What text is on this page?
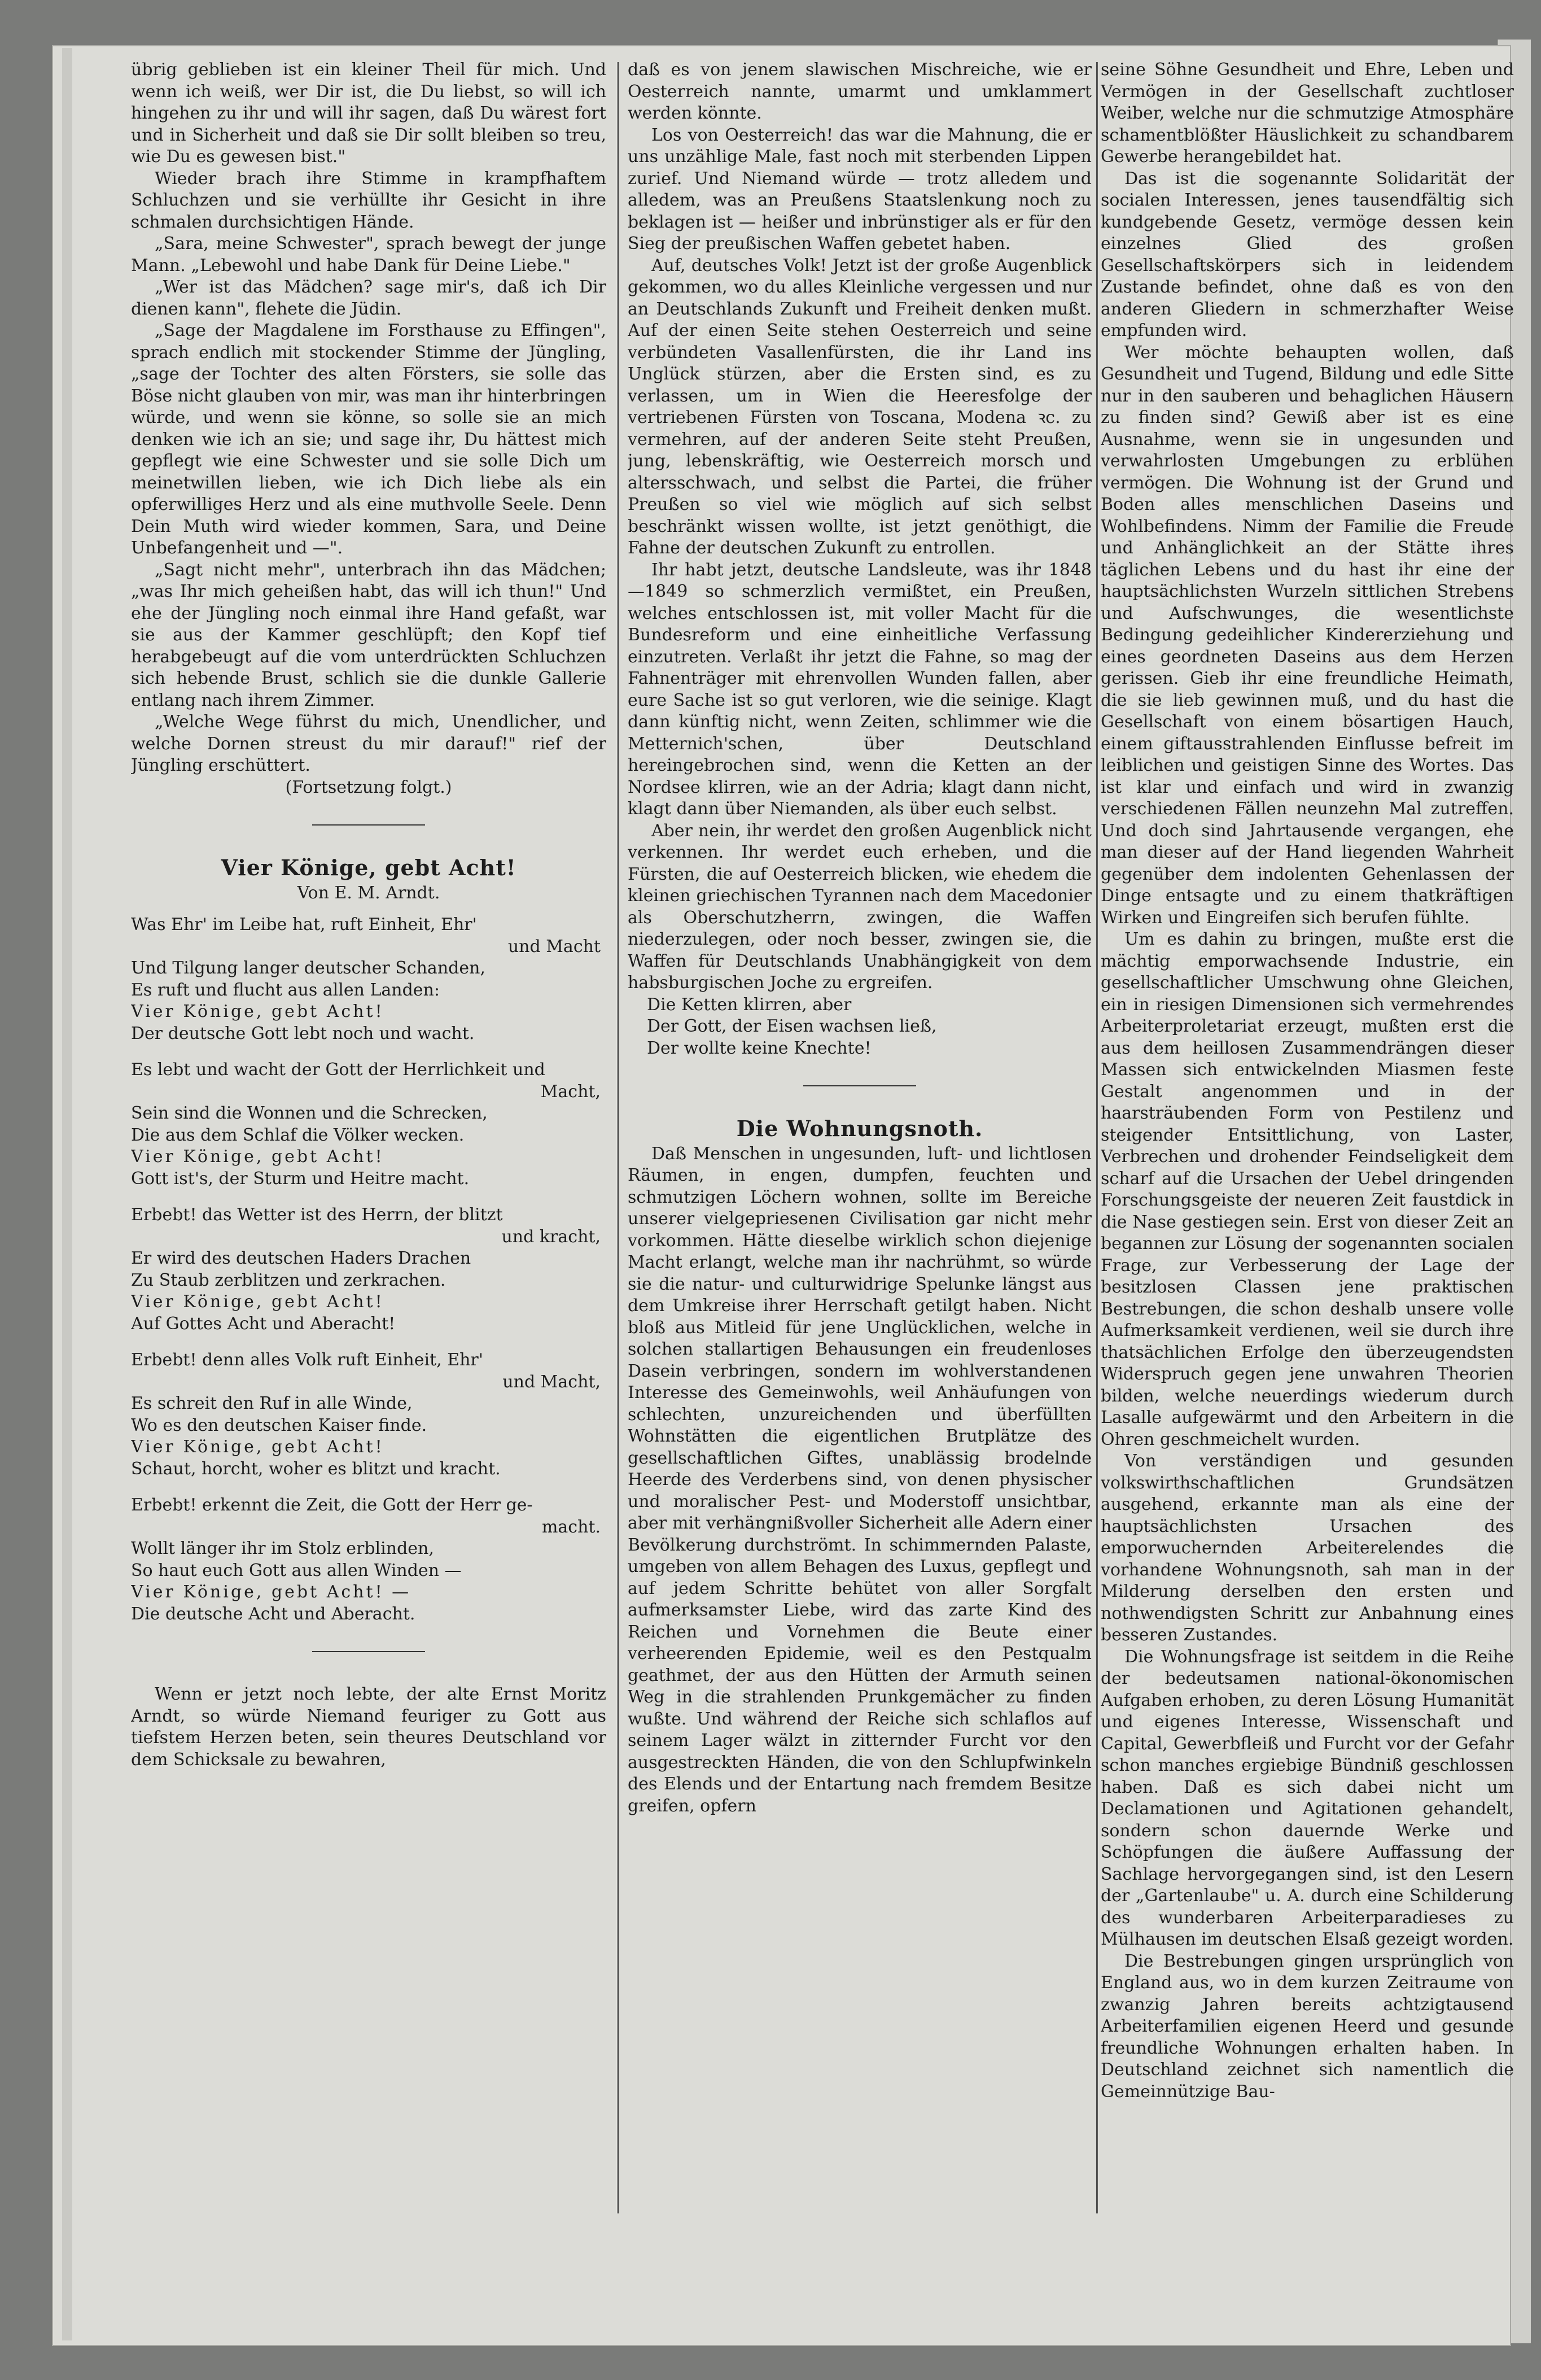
übrig geblieben ist ein kleiner Theil für mich. Und wenn ich weiß, wer Dir ist, die Du liebst, so will ich hingehen zu ihr und will ihr sagen, daß Du wärest fort und in Sicherheit und daß sie Dir sollt bleiben so treu, wie Du es gewesen bist."

Wieder brach ihre Stimme in krampfhaftem Schluchzen und sie verhüllte ihr Gesicht in ihre schmalen durchsichtigen Hände.

„Sara, meine Schwester", sprach bewegt der junge Mann. „Lebewohl und habe Dank für Deine Liebe."

„Wer ist das Mädchen? sage mir's, daß ich Dir dienen kann", flehete die Jüdin.

„Sage der Magdalene im Forsthause zu Effingen", sprach endlich mit stockender Stimme der Jüngling, „sage der Tochter des alten Försters, sie solle das Böse nicht glauben von mir, was man ihr hinterbringen würde, und wenn sie könne, so solle sie an mich denken wie ich an sie; und sage ihr, Du hättest mich gepflegt wie eine Schwester und sie solle Dich um meinetwillen lieben, wie ich Dich liebe als ein opferwilliges Herz und als eine muthvolle Seele. Denn Dein Muth wird wieder kommen, Sara, und Deine Unbefangenheit und —".

„Sagt nicht mehr", unterbrach ihn das Mädchen; „was Ihr mich geheißen habt, das will ich thun!" Und ehe der Jüngling noch einmal ihre Hand gefaßt, war sie aus der Kammer geschlüpft; den Kopf tief herabgebeugt auf die vom unterdrückten Schluchzen sich hebende Brust, schlich sie die dunkle Gallerie entlang nach ihrem Zimmer.

„Welche Wege führst du mich, Unendlicher, und welche Dornen streust du mir darauf!" rief der Jüngling erschüttert.

(Fortsetzung folgt.)

Vier Könige, gebt Acht!
Von E. M. Arndt.
Was Ehr' im Leibe hat, ruft Einheit, Ehr'
und Macht
Und Tilgung langer deutscher Schanden,
Es ruft und flucht aus allen Landen:
Vier Könige, gebt Acht!
Der deutsche Gott lebt noch und wacht.
Es lebt und wacht der Gott der Herrlichkeit und
Macht,
Sein sind die Wonnen und die Schrecken,
Die aus dem Schlaf die Völker wecken.
Vier Könige, gebt Acht!
Gott ist's, der Sturm und Heitre macht.
Erbebt! das Wetter ist des Herrn, der blitzt
und kracht,
Er wird des deutschen Haders Drachen
Zu Staub zerblitzen und zerkrachen.
Vier Könige, gebt Acht!
Auf Gottes Acht und Aberacht!
Erbebt! denn alles Volk ruft Einheit, Ehr'
und Macht,
Es schreit den Ruf in alle Winde,
Wo es den deutschen Kaiser finde.
Vier Könige, gebt Acht!
Schaut, horcht, woher es blitzt und kracht.
Erbebt! erkennt die Zeit, die Gott der Herr ge-
macht.
Wollt länger ihr im Stolz erblinden,
So haut euch Gott aus allen Winden —
Vier Könige, gebt Acht! —
Die deutsche Acht und Aberacht.

Wenn er jetzt noch lebte, der alte Ernst Moritz Arndt, so würde Niemand feuriger zu Gott aus tiefstem Herzen beten, sein theures Deutschland vor dem Schicksale zu bewahren,

daß es von jenem slawischen Mischreiche, wie er Oesterreich nannte, umarmt und umklammert werden könnte.

Los von Oesterreich! das war die Mahnung, die er uns unzählige Male, fast noch mit sterbenden Lippen zurief. Und Niemand würde — trotz alledem und alledem, was an Preußens Staatslenkung noch zu beklagen ist — heißer und inbrünstiger als er für den Sieg der preußischen Waffen gebetet haben.

Auf, deutsches Volk! Jetzt ist der große Augenblick gekommen, wo du alles Kleinliche vergessen und nur an Deutschlands Zukunft und Freiheit denken mußt. Auf der einen Seite stehen Oesterreich und seine verbündeten Vasallenfürsten, die ihr Land ins Unglück stürzen, aber die Ersten sind, es zu verlassen, um in Wien die Heeresfolge der vertriebenen Fürsten von Toscana, Modena ꝛc. zu vermehren, auf der anderen Seite steht Preußen, jung, lebenskräftig, wie Oesterreich morsch und altersschwach, und selbst die Partei, die früher Preußen so viel wie möglich auf sich selbst beschränkt wissen wollte, ist jetzt genöthigt, die Fahne der deutschen Zukunft zu entrollen.

Ihr habt jetzt, deutsche Landsleute, was ihr 1848—1849 so schmerzlich vermißtet, ein Preußen, welches entschlossen ist, mit voller Macht für die Bundesreform und eine einheitliche Verfassung einzutreten. Verlaßt ihr jetzt die Fahne, so mag der Fahnenträger mit ehrenvollen Wunden fallen, aber eure Sache ist so gut verloren, wie die seinige. Klagt dann künftig nicht, wenn Zeiten, schlimmer wie die Metternich'schen, über Deutschland hereingebrochen sind, wenn die Ketten an der Nordsee klirren, wie an der Adria; klagt dann nicht, klagt dann über Niemanden, als über euch selbst.

Aber nein, ihr werdet den großen Augenblick nicht verkennen. Ihr werdet euch erheben, und die Fürsten, die auf Oesterreich blicken, wie ehedem die kleinen griechischen Tyrannen nach dem Macedonier als Oberschutzherrn, zwingen, die Waffen niederzulegen, oder noch besser, zwingen sie, die Waffen für Deutschlands Unabhängigkeit von dem habsburgischen Joche zu ergreifen.

Die Ketten klirren, aber
Der Gott, der Eisen wachsen ließ,
Der wollte keine Knechte!
Die Wohnungsnoth.

Daß Menschen in ungesunden, luft- und lichtlosen Räumen, in engen, dumpfen, feuchten und schmutzigen Löchern wohnen, sollte im Bereiche unserer vielgepriesenen Civilisation gar nicht mehr vorkommen. Hätte dieselbe wirklich schon diejenige Macht erlangt, welche man ihr nachrühmt, so würde sie die natur- und culturwidrige Spelunke längst aus dem Umkreise ihrer Herrschaft getilgt haben. Nicht bloß aus Mitleid für jene Unglücklichen, welche in solchen stallartigen Behausungen ein freudenloses Dasein verbringen, sondern im wohlverstandenen Interesse des Gemeinwohls, weil Anhäufungen von schlechten, unzureichenden und überfüllten Wohnstätten die eigentlichen Brutplätze des gesellschaftlichen Giftes, unablässig brodelnde Heerde des Verderbens sind, von denen physischer und moralischer Pest- und Moderstoff unsichtbar, aber mit verhängnißvoller Sicherheit alle Adern einer Bevölkerung durchströmt. In schimmernden Palaste, umgeben von allem Behagen des Luxus, gepflegt und auf jedem Schritte behütet von aller Sorgfalt aufmerksamster Liebe, wird das zarte Kind des Reichen und Vornehmen die Beute einer verheerenden Epidemie, weil es den Pestqualm geathmet, der aus den Hütten der Armuth seinen Weg in die strahlenden Prunkgemächer zu finden wußte. Und während der Reiche sich schlaflos auf seinem Lager wälzt in zitternder Furcht vor den ausgestreckten Händen, die von den Schlupfwinkeln des Elends und der Entartung nach fremdem Besitze greifen, opfern

seine Söhne Gesundheit und Ehre, Leben und Vermögen in der Gesellschaft zuchtloser Weiber, welche nur die schmutzige Atmosphäre schamentblößter Häuslichkeit zu schandbarem Gewerbe herangebildet hat.

Das ist die sogenannte Solidarität der socialen Interessen, jenes tausendfältig sich kundgebende Gesetz, vermöge dessen kein einzelnes Glied des großen Gesellschaftskörpers sich in leidendem Zustande befindet, ohne daß es von den anderen Gliedern in schmerzhafter Weise empfunden wird.

Wer möchte behaupten wollen, daß Gesundheit und Tugend, Bildung und edle Sitte nur in den sauberen und behaglichen Häusern zu finden sind? Gewiß aber ist es eine Ausnahme, wenn sie in ungesunden und verwahrlosten Umgebungen zu erblühen vermögen. Die Wohnung ist der Grund und Boden alles menschlichen Daseins und Wohlbefindens. Nimm der Familie die Freude und Anhänglichkeit an der Stätte ihres täglichen Lebens und du hast ihr eine der hauptsächlichsten Wurzeln sittlichen Strebens und Aufschwunges, die wesentlichste Bedingung gedeihlicher Kindererziehung und eines geordneten Daseins aus dem Herzen gerissen. Gieb ihr eine freundliche Heimath, die sie lieb gewinnen muß, und du hast die Gesellschaft von einem bösartigen Hauch, einem giftausstrahlenden Einflusse befreit im leiblichen und geistigen Sinne des Wortes. Das ist klar und einfach und wird in zwanzig verschiedenen Fällen neunzehn Mal zutreffen. Und doch sind Jahrtausende vergangen, ehe man dieser auf der Hand liegenden Wahrheit gegenüber dem indolenten Gehenlassen der Dinge entsagte und zu einem thatkräftigen Wirken und Eingreifen sich berufen fühlte.

Um es dahin zu bringen, mußte erst die mächtig emporwachsende Industrie, ein gesellschaftlicher Umschwung ohne Gleichen, ein in riesigen Dimensionen sich vermehrendes Arbeiterproletariat erzeugt, mußten erst die aus dem heillosen Zusammendrängen dieser Massen sich entwickelnden Miasmen feste Gestalt angenommen und in der haarsträubenden Form von Pestilenz und steigender Entsittlichung, von Laster, Verbrechen und drohender Feindseligkeit dem scharf auf die Ursachen der Uebel dringenden Forschungsgeiste der neueren Zeit faustdick in die Nase gestiegen sein. Erst von dieser Zeit an begannen zur Lösung der sogenannten socialen Frage, zur Verbesserung der Lage der besitzlosen Classen jene praktischen Bestrebungen, die schon deshalb unsere volle Aufmerksamkeit verdienen, weil sie durch ihre thatsächlichen Erfolge den überzeugendsten Widerspruch gegen jene unwahren Theorien bilden, welche neuerdings wiederum durch Lasalle aufgewärmt und den Arbeitern in die Ohren geschmeichelt wurden.

Von verständigen und gesunden volkswirthschaftlichen Grundsätzen ausgehend, erkannte man als eine der hauptsächlichsten Ursachen des emporwuchernden Arbeiterelendes die vorhandene Wohnungsnoth, sah man in der Milderung derselben den ersten und nothwendigsten Schritt zur Anbahnung eines besseren Zustandes.

Die Wohnungsfrage ist seitdem in die Reihe der bedeutsamen national-ökonomischen Aufgaben erhoben, zu deren Lösung Humanität und eigenes Interesse, Wissenschaft und Capital, Gewerbfleiß und Furcht vor der Gefahr schon manches ergiebige Bündniß geschlossen haben. Daß es sich dabei nicht um Declamationen und Agitationen gehandelt, sondern schon dauernde Werke und Schöpfungen die äußere Auffassung der Sachlage hervorgegangen sind, ist den Lesern der „Gartenlaube" u. A. durch eine Schilderung des wunderbaren Arbeiterparadieses zu Mülhausen im deutschen Elsaß gezeigt worden.

Die Bestrebungen gingen ursprünglich von England aus, wo in dem kurzen Zeitraume von zwanzig Jahren bereits achtzigtausend Arbeiterfamilien eigenen Heerd und gesunde freundliche Wohnungen erhalten haben. In Deutschland zeichnet sich namentlich die Gemeinnützige Bau-
